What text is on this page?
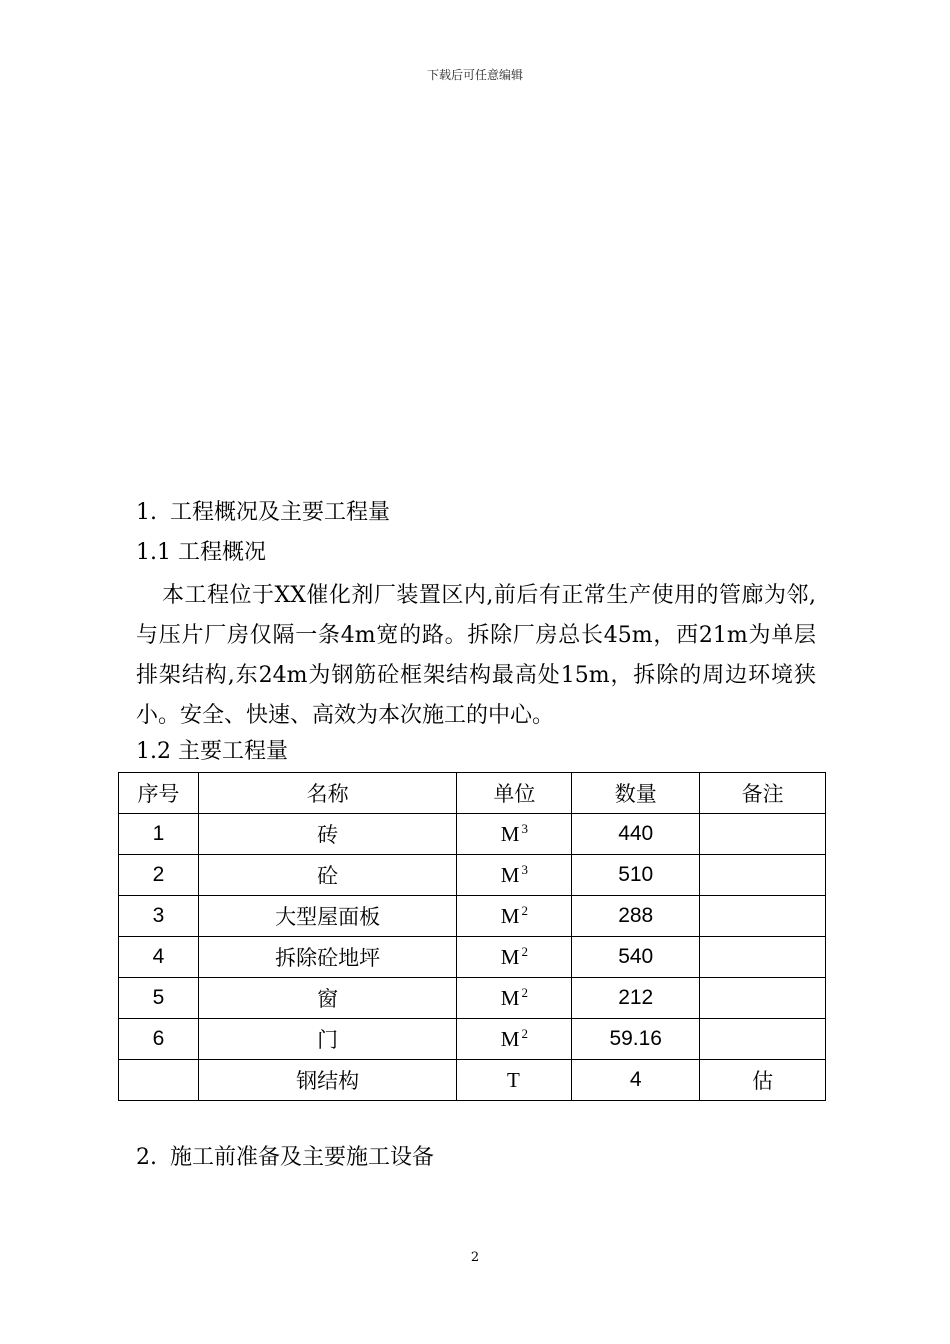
下载后可任意编辑
1. 工程概况及主要工程量
1.1 工程概况
本工程位于XX催化剂厂装置区内,前后有正常生产使用的管廊为邻,与压片厂房仅隔一条4m宽的路。拆除厂房总长45m，西21m为单层排架结构,东24m为钢筋砼框架结构最高处15m，拆除的周边环境狭小。安全、快速、高效为本次施工的中心。
1.2 主要工程量
序号	名称	单位	数量	备注
1	砖	M $^3$	440	
2	砼	M $^3$	510	
3	大型屋面板	M $^2$	288	
4	拆除砼地坪	M $^2$	540	
5	窗	M $^2$	212	
6	门	M $^2$	59.16	
	钢结构	T	4	估
2. 施工前准备及主要施工设备
2
